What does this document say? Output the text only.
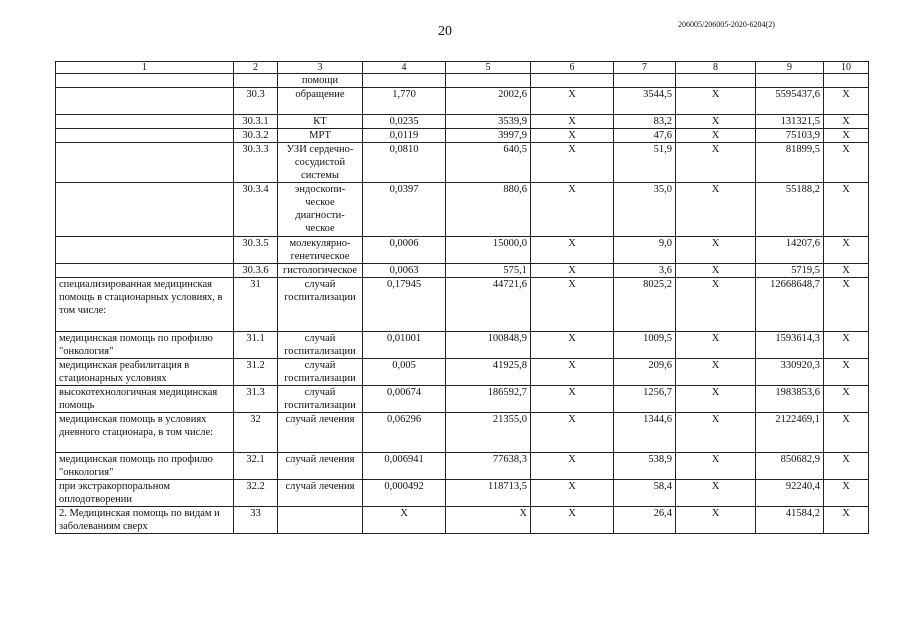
20	206005/206005-2020-6204(2)
1	2	3	4	5	6	7	8	9	10
		помощи							
	30.3	обращение	1,770	2002,6	X	3544,5	X	5595437,6	X
	30.3.1	КТ	0,0235	3539,9	X	83,2	X	131321,5	X
	30.3.2	МРТ	0,0119	3997,9	X	47,6	X	75103,9	X
	30.3.3	УЗИ сердечно-сосудистой системы	0,0810	640,5	X	51,9	X	81899,5	X
	30.3.4	эндоскопи-ческое диагности-ческое	0,0397	880,6	X	35,0	X	55188,2	X
	30.3.5	молекулярно-генетическое	0,0006	15000,0	X	9,0	X	14207,6	X
	30.3.6	гистологическое	0,0063	575,1	X	3,6	X	5719,5	X
специализированная медицинская помощь в стационарных условиях, в том числе:	31	случай госпитализации	0,17945	44721,6	X	8025,2	X	12668648,7	X
медицинская помощь по профилю "онкология"	31.1	случай госпитализации	0,01001	100848,9	X	1009,5	X	1593614,3	X
медицинская реабилитация в стационарных условиях	31.2	случай госпитализации	0,005	41925,8	X	209,6	X	330920,3	X
высокотехнологичная медицинская помощь	31.3	случай госпитализации	0,00674	186592,7	X	1256,7	X	1983853,6	X
медицинская помощь в условиях дневного стационара, в том числе:	32	случай лечения	0,06296	21355,0	X	1344,6	X	2122469,1	X
медицинская помощь по профилю "онкология"	32.1	случай лечения	0,006941	77638,3	X	538,9	X	850682,9	X
при экстракорпоральном оплодотворении	32.2	случай лечения	0,000492	118713,5	X	58,4	X	92240,4	X
2. Медицинская помощь по видам и заболеваниям сверх	33		X	X	X	26,4	X	41584,2	X
